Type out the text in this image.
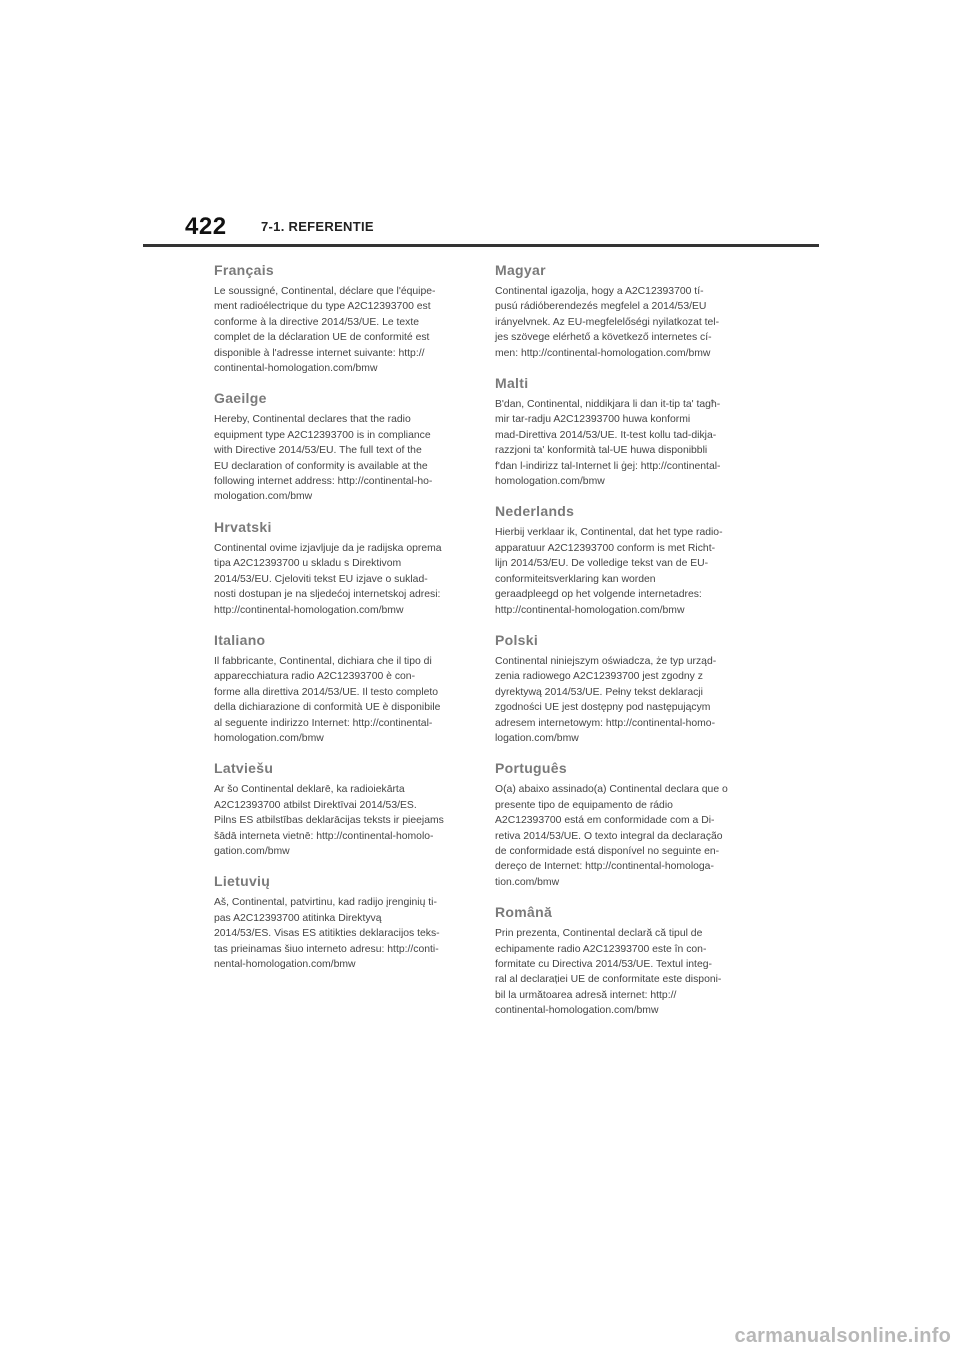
422	7-1. REFERENTIE
Français

Le soussigné, Continental, déclare que l'équipe-
ment radioélectrique du type A2C12393700 est
conforme à la directive 2014/53/UE. Le texte
complet de la déclaration UE de conformité est
disponible à l'adresse internet suivante: http://
continental-homologation.com/bmw

Gaeilge

Hereby, Continental declares that the radio
equipment type A2C12393700 is in compliance
with Directive 2014/53/EU. The full text of the
EU declaration of conformity is available at the
following internet address: http://continental-ho-
mologation.com/bmw

Hrvatski

Continental ovime izjavljuje da je radijska oprema
tipa A2C12393700 u skladu s Direktivom
2014/53/EU. Cjeloviti tekst EU izjave o suklad-
nosti dostupan je na sljedećoj internetskoj adresi:
http://continental-homologation.com/bmw

Italiano

Il fabbricante, Continental, dichiara che il tipo di
apparecchiatura radio A2C12393700 è con-
forme alla direttiva 2014/53/UE. Il testo completo
della dichiarazione di conformità UE è disponibile
al seguente indirizzo Internet: http://continental-
homologation.com/bmw

Latviešu

Ar šo Continental deklarē, ka radioiekārta
A2C12393700 atbilst Direktīvai 2014/53/ES.
Pilns ES atbilstības deklarācijas teksts ir pieejams
šādā interneta vietnē: http://continental-homolo-
gation.com/bmw

Lietuvių

Aš, Continental, patvirtinu, kad radijo įrenginių ti-
pas A2C12393700 atitinka Direktyvą
2014/53/ES. Visas ES atitikties deklaracijos teks-
tas prieinamas šiuo interneto adresu: http://conti-
nental-homologation.com/bmw

Magyar

Continental igazolja, hogy a A2C12393700 tí-
pusú rádióberendezés megfelel a 2014/53/EU
irányelvnek. Az EU-megfelelőségi nyilatkozat tel-
jes szövege elérhető a következő internetes cí-
men: http://continental-homologation.com/bmw

Malti

B'dan, Continental, niddikjara li dan it-tip ta' tagħ-
mir tar-radju A2C12393700 huwa konformi
mad-Direttiva 2014/53/UE. It-test kollu tad-dikja-
razzjoni ta' konformità tal-UE huwa disponibbli
f'dan l-indirizz tal-Internet li ġej: http://continental-
homologation.com/bmw

Nederlands

Hierbij verklaar ik, Continental, dat het type radio-
apparatuur A2C12393700 conform is met Richt-
lijn 2014/53/EU. De volledige tekst van de EU-
conformiteitsverklaring kan worden
geraadpleegd op het volgende internetadres:
http://continental-homologation.com/bmw

Polski

Continental niniejszym oświadcza, że typ urząd-
zenia radiowego A2C12393700 jest zgodny z
dyrektywą 2014/53/UE. Pełny tekst deklaracji
zgodności UE jest dostępny pod następującym
adresem internetowym: http://continental-homo-
logation.com/bmw

Português

O(a) abaixo assinado(a) Continental declara que o
presente tipo de equipamento de rádio
A2C12393700 está em conformidade com a Di-
retiva 2014/53/UE. O texto integral da declaração
de conformidade está disponível no seguinte en-
dereço de Internet: http://continental-homologa-
tion.com/bmw

Română

Prin prezenta, Continental declară că tipul de
echipamente radio A2C12393700 este în con-
formitate cu Directiva 2014/53/UE. Textul integ-
ral al declarației UE de conformitate este disponi-
bil la următoarea adresă internet: http://
continental-homologation.com/bmw

carmanualsonline.info
